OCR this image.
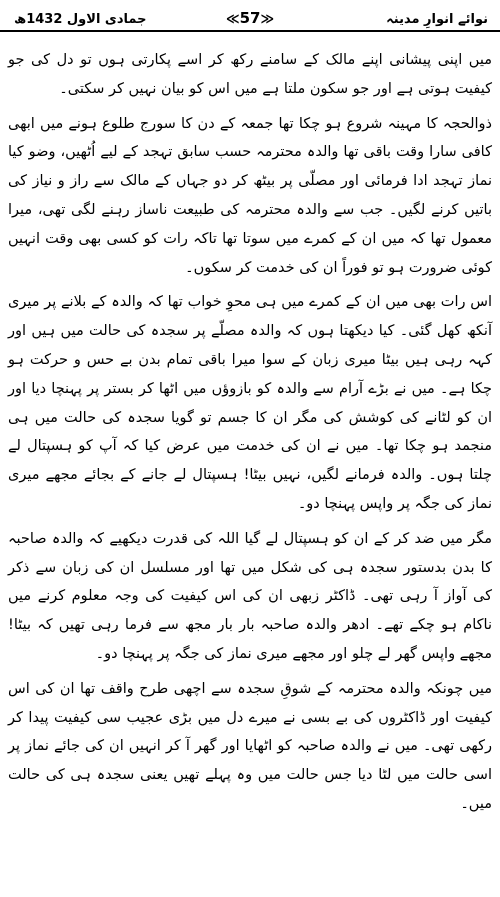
نوائے انوارِ مدینہ
≪57≫
جمادی الاول 1432ھ

میں اپنی پیشانی اپنے مالک کے سامنے رکھ کر اسے پکارتی ہوں تو دل کی جو کیفیت ہوتی ہے اور جو سکون ملتا ہے میں اس کو بیان نہیں کر سکتی۔

ذوالحجہ کا مہینہ شروع ہو چکا تھا جمعہ کے دن کا سورج طلوع ہونے میں ابھی کافی سارا وقت باقی تھا والدہ محترمہ حسب سابق تہجد کے لیے اُٹھیں، وضو کیا نماز تہجد ادا فرمائی اور مصلّی پر بیٹھ کر دو جہاں کے مالک سے راز و نیاز کی باتیں کرنے لگیں۔ جب سے والدہ محترمہ کی طبیعت ناساز رہنے لگی تھی، میرا معمول تھا کہ میں ان کے کمرے میں سوتا تھا تاکہ رات کو کسی بھی وقت انہیں کوئی ضرورت ہو تو فوراً ان کی خدمت کر سکوں۔

اس رات بھی میں ان کے کمرے میں ہی محوِ خواب تھا کہ والدہ کے بلانے پر میری آنکھ کھل گئی۔ کیا دیکھتا ہوں کہ والدہ مصلّے پر سجدہ کی حالت میں ہیں اور کہہ رہی ہیں بیٹا میری زبان کے سوا میرا باقی تمام بدن بے حس و حرکت ہو چکا ہے۔ میں نے بڑے آرام سے والدہ کو بازوؤں میں اٹھا کر بستر پر پہنچا دیا اور ان کو لٹانے کی کوشش کی مگر ان کا جسم تو گویا سجدہ کی حالت میں ہی منجمد ہو چکا تھا۔ میں نے ان کی خدمت میں عرض کیا کہ آپ کو ہسپتال لے چلتا ہوں۔ والدہ فرمانے لگیں، نہیں بیٹا! ہسپتال لے جانے کے بجائے مجھے میری نماز کی جگہ پر واپس پہنچا دو۔

مگر میں ضد کر کے ان کو ہسپتال لے گیا اللہ کی قدرت دیکھیے کہ والدہ صاحبہ کا بدن بدستور سجدہ ہی کی شکل میں تھا اور مسلسل ان کی زبان سے ذکر کی آواز آ رہی تھی۔ ڈاکٹر زبھی ان کی اس کیفیت کی وجہ معلوم کرنے میں ناکام ہو چکے تھے۔ ادھر والدہ صاحبہ بار بار مجھ سے فرما رہی تھیں کہ بیٹا! مجھے واپس گھر لے چلو اور مجھے میری نماز کی جگہ پر پہنچا دو۔

میں چونکہ والدہ محترمہ کے شوقِ سجدہ سے اچھی طرح واقف تھا ان کی اس کیفیت اور ڈاکٹروں کی بے بسی نے میرے دل میں بڑی عجیب سی کیفیت پیدا کر رکھی تھی۔ میں نے والدہ صاحبہ کو اٹھایا اور گھر آ کر انہیں ان کی جائے نماز پر اسی حالت میں لٹا دیا جس حالت میں وہ پہلے تھیں یعنی سجدہ ہی کی حالت میں۔
